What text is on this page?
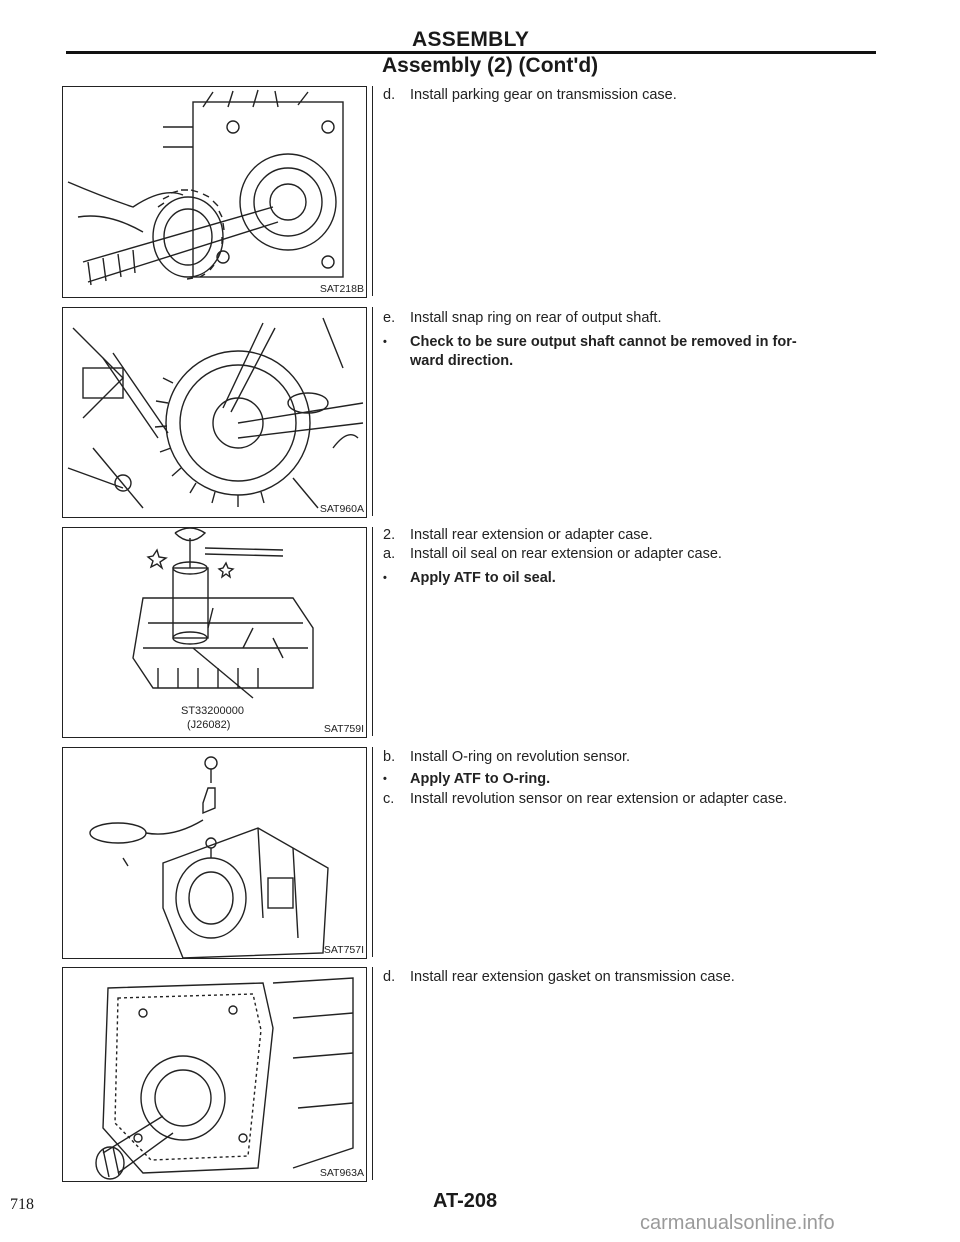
ASSEMBLY
Assembly (2) (Cont'd)
SAT218B
SAT960A
ST33200000
(J26082)	SAT759I
SAT757I
SAT963A
d. Install parking gear on transmission case.
e. Install snap ring on rear of output shaft.
• Check to be sure output shaft cannot be removed in for-
ward direction.
2. Install rear extension or adapter case.
a. Install oil seal on rear extension or adapter case.
• Apply ATF to oil seal.
b. Install O-ring on revolution sensor.
• Apply ATF to O-ring.
c. Install revolution sensor on rear extension or adapter case.
d. Install rear extension gasket on transmission case.
718	AT-208
carmanualsonline.info
